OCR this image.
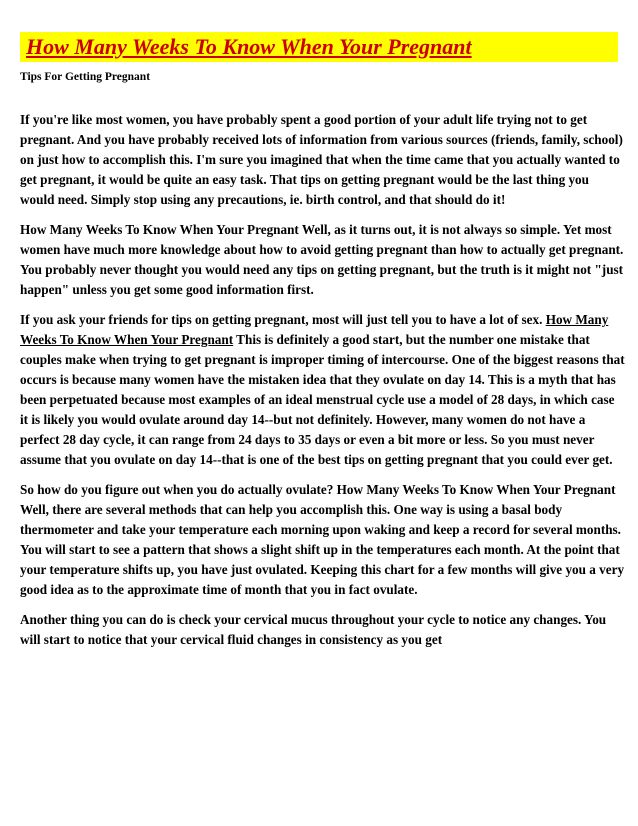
How Many Weeks To Know When Your Pregnant
Tips For Getting Pregnant

If you're like most women, you have probably spent a good portion of your adult life trying not to get pregnant. And you have probably received lots of information from various sources (friends, family, school) on just how to accomplish this. I'm sure you imagined that when the time came that you actually wanted to get pregnant, it would be quite an easy task. That tips on getting pregnant would be the last thing you would need. Simply stop using any precautions, ie. birth control, and that should do it!

How Many Weeks To Know When Your Pregnant Well, as it turns out, it is not always so simple. Yet most women have much more knowledge about how to avoid getting pregnant than how to actually get pregnant. You probably never thought you would need any tips on getting pregnant, but the truth is it might not "just happen" unless you get some good information first.

If you ask your friends for tips on getting pregnant, most will just tell you to have a lot of sex. How Many Weeks To Know When Your Pregnant This is definitely a good start, but the number one mistake that couples make when trying to get pregnant is improper timing of intercourse. One of the biggest reasons that occurs is because many women have the mistaken idea that they ovulate on day 14. This is a myth that has been perpetuated because most examples of an ideal menstrual cycle use a model of 28 days, in which case it is likely you would ovulate around day 14--but not definitely. However, many women do not have a perfect 28 day cycle, it can range from 24 days to 35 days or even a bit more or less. So you must never assume that you ovulate on day 14--that is one of the best tips on getting pregnant that you could ever get.

So how do you figure out when you do actually ovulate? How Many Weeks To Know When Your Pregnant Well, there are several methods that can help you accomplish this. One way is using a basal body thermometer and take your temperature each morning upon waking and keep a record for several months. You will start to see a pattern that shows a slight shift up in the temperatures each month. At the point that your temperature shifts up, you have just ovulated. Keeping this chart for a few months will give you a very good idea as to the approximate time of month that you in fact ovulate.

Another thing you can do is check your cervical mucus throughout your cycle to notice any changes. You will start to notice that your cervical fluid changes in consistency as you get
